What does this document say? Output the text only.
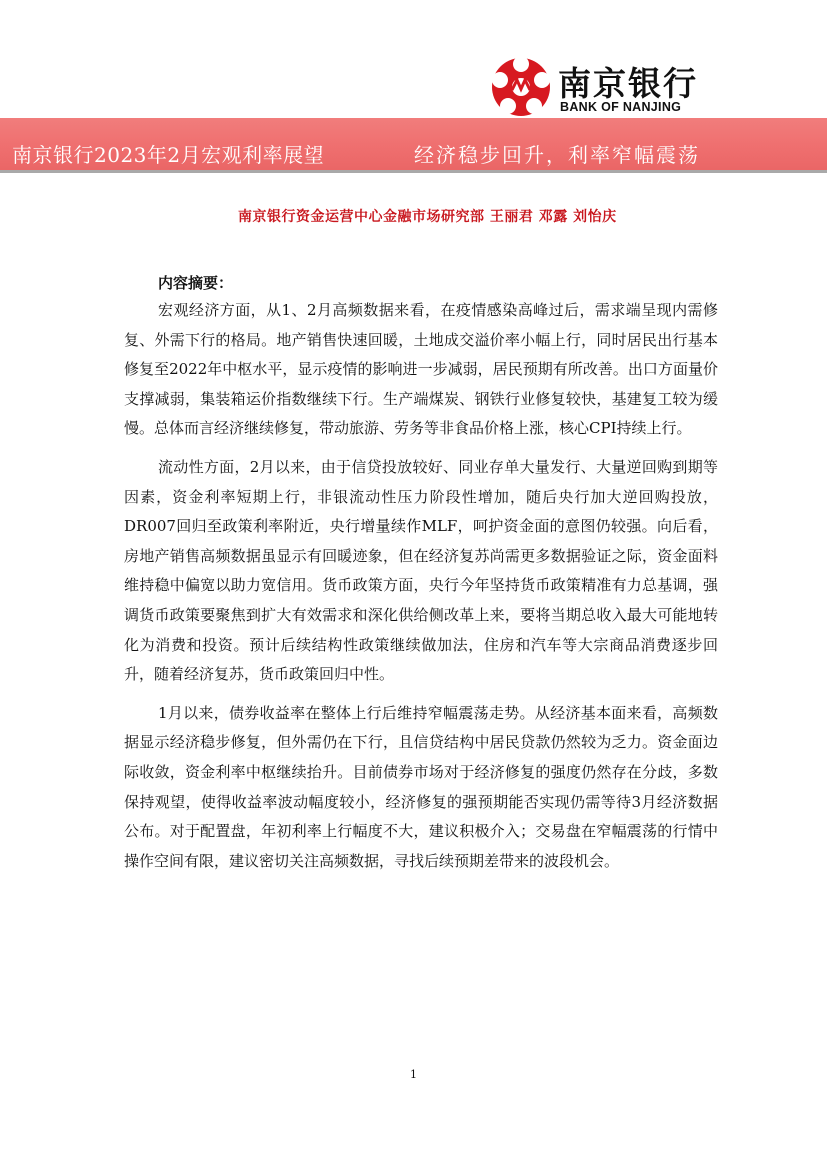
南京银行
BANK OF NANJING
南京银行2023年2月宏观利率展望	经济稳步回升，利率窄幅震荡
南京银行资金运营中心金融市场研究部 王丽君 邓露 刘怡庆
内容摘要：

宏观经济方面，从1、2月高频数据来看，在疫情感染高峰过后，需求端呈现内需修复、外需下行的格局。地产销售快速回暖，土地成交溢价率小幅上行，同时居民出行基本修复至2022年中枢水平，显示疫情的影响进一步减弱，居民预期有所改善。出口方面量价支撑减弱，集装箱运价指数继续下行。生产端煤炭、钢铁行业修复较快，基建复工较为缓慢。总体而言经济继续修复，带动旅游、劳务等非食品价格上涨，核心CPI持续上行。

流动性方面，2月以来，由于信贷投放较好、同业存单大量发行、大量逆回购到期等因素，资金利率短期上行，非银流动性压力阶段性增加，随后央行加大逆回购投放，DR007回归至政策利率附近，央行增量续作MLF，呵护资金面的意图仍较强。向后看，房地产销售高频数据虽显示有回暖迹象，但在经济复苏尚需更多数据验证之际，资金面料维持稳中偏宽以助力宽信用。货币政策方面，央行今年坚持货币政策精准有力总基调，强调货币政策要聚焦到扩大有效需求和深化供给侧改革上来，要将当期总收入最大可能地转化为消费和投资。预计后续结构性政策继续做加法，住房和汽车等大宗商品消费逐步回升，随着经济复苏，货币政策回归中性。

1月以来，债券收益率在整体上行后维持窄幅震荡走势。从经济基本面来看，高频数据显示经济稳步修复，但外需仍在下行，且信贷结构中居民贷款仍然较为乏力。资金面边际收敛，资金利率中枢继续抬升。目前债券市场对于经济修复的强度仍然存在分歧，多数保持观望，使得收益率波动幅度较小，经济修复的强预期能否实现仍需等待3月经济数据公布。对于配置盘，年初利率上行幅度不大，建议积极介入；交易盘在窄幅震荡的行情中操作空间有限，建议密切关注高频数据，寻找后续预期差带来的波段机会。

1
